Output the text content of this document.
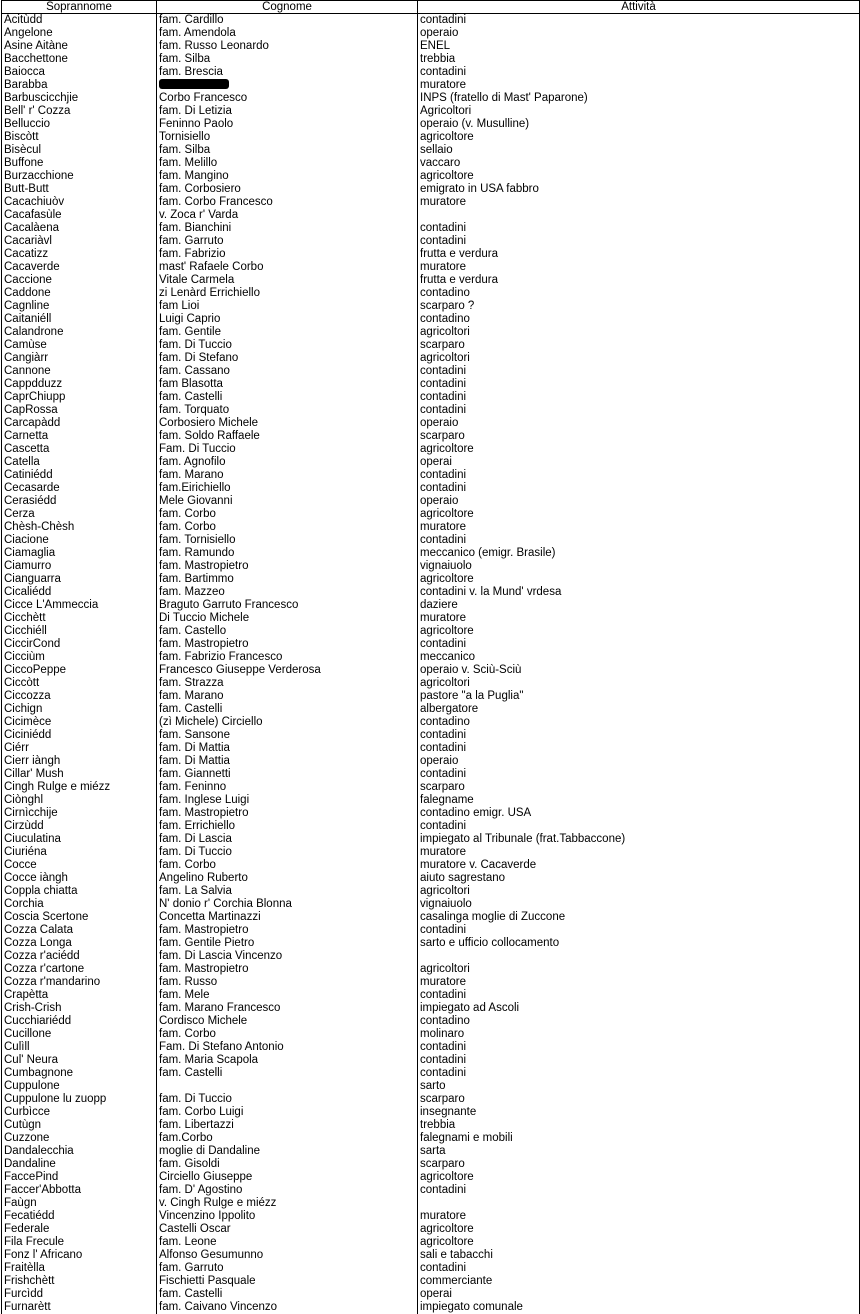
Soprannome	Cognome	Attività
Acitùdd	fam. Cardillo	contadini
Angelone	fam. Amendola	operaio
Asine Aitàne	fam. Russo Leonardo	ENEL
Bacchettone	fam. Silba	trebbia
Baiocca	fam. Brescia	contadini
Barabba		muratore
Barbuscicchjie	Corbo Francesco	INPS (fratello di Mast' Paparone)
Bell' r' Cozza	fam. Di Letizia	Agricoltori
Belluccio	Feninno Paolo	operaio (v. Musulline)
Biscòtt	Tornisiello	agricoltore
Bisècul	fam. Silba	sellaio
Buffone	fam. Melillo	vaccaro
Burzacchione	fam. Mangino	agricoltore
Butt-Butt	fam. Corbosiero	emigrato in USA fabbro
Cacachiuòv	fam. Corbo Francesco	muratore
Cacafasùle	v. Zoca r' Varda	
Cacalàena	fam. Bianchini	contadini
Cacariàvl	fam. Garruto	contadini
Cacatizz	fam. Fabrizio	frutta e verdura
Cacaverde	mast' Rafaele Corbo	muratore
Caccione	Vitale Carmela	frutta e verdura
Caddone	zi Lenàrd Errichiello	contadino
Cagnline	fam Lioi	scarparo ?
Caitaniéll	Luigi Caprio	contadino
Calandrone	fam. Gentile	agricoltori
Camùse	fam. Di Tuccio	scarparo
Cangiàrr	fam. Di Stefano	agricoltori
Cannone	fam. Cassano	contadini
Cappdduzz	fam Blasotta	contadini
CaprChiupp	fam. Castelli	contadini
CapRossa	fam. Torquato	contadini
Carcapàdd	Corbosiero Michele	operaio
Carnetta	fam. Soldo Raffaele	scarparo
Cascetta	Fam. Di Tuccio	agricoltore
Catella	fam. Agnofilo	operai
Catiniédd	fam. Marano	contadini
Cecasarde	fam.Eirichiello	contadini
Cerasiédd	Mele Giovanni	operaio
Cerza	fam. Corbo	agricoltore
Chèsh-Chèsh	fam. Corbo	muratore
Ciacione	fam. Tornisiello	contadini
Ciamaglia	fam. Ramundo	meccanico (emigr. Brasile)
Ciamurro	fam. Mastropietro	vignaiuolo
Cianguarra	fam. Bartimmo	agricoltore
Cicaliédd	fam. Mazzeo	contadini v. la Mund' vrdesa
Cicce L'Ammeccia	Braguto Garruto Francesco	daziere
Cicchètt	Di Tuccio Michele	muratore
Cicchiéll	fam. Castello	agricoltore
CiccirCond	fam. Mastropietro	contadini
Cicciùm	fam. Fabrizio Francesco	meccanico
CiccoPeppe	Francesco Giuseppe Verderosa	operaio v. Sciù-Sciù
Ciccòtt	fam. Strazza	agricoltori
Ciccozza	fam. Marano	pastore "a la Puglia"
Cichign	fam. Castelli	albergatore
Cicimèce	(zì Michele) Circiello	contadino
Ciciniédd	fam. Sansone	contadini
Ciérr	fam. Di Mattia	contadini
Cierr iàngh	fam. Di Mattia	operaio
Cillar' Mush	fam. Giannetti	contadini
Cingh Rulge e miézz	fam. Feninno	scarparo
Ciònghl	fam. Inglese Luigi	falegname
Cirnìcchije	fam. Mastropietro	contadino emigr. USA
Cirzùdd	fam. Errichiello	contadini
Ciuculatina	fam. Di Lascia	impiegato al Tribunale (frat.Tabbaccone)
Ciuriéna	fam. Di Tuccio	muratore
Cocce	fam. Corbo	muratore v. Cacaverde
Cocce iàngh	Angelino Ruberto	aiuto sagrestano
Coppla chiatta	fam. La Salvia	agricoltori
Corchia	N' donio r' Corchia Blonna	vignaiuolo
Coscia Scertone	Concetta Martinazzi	casalinga moglie di Zuccone
Cozza Calata	fam. Mastropietro	contadini
Cozza Longa	fam. Gentile Pietro	sarto e ufficio collocamento
Cozza r'aciédd	fam. Di Lascia Vincenzo	
Cozza r'cartone	fam. Mastropietro	agricoltori
Cozza r'mandarino	fam. Russo	muratore
Crapètta	fam. Mele	contadini
Crish-Crish	fam. Marano Francesco	impiegato ad Ascoli
Cucchiariédd	Cordisco Michele	contadino
Cucillone	fam. Corbo	molinaro
Culìll	Fam. Di Stefano Antonio	contadini
Cul' Neura	fam. Maria Scapola	contadini
Cumbagnone	fam. Castelli	contadini
Cuppulone		sarto
Cuppulone lu zuopp	fam. Di Tuccio	scarparo
Curbìcce	fam. Corbo Luigi	insegnante
Cutùgn	fam. Libertazzi	trebbia
Cuzzone	fam.Corbo	falegnami e mobili
Dandalecchia	moglie di Dandaline	sarta
Dandaline	fam. Gisoldi	scarparo
FaccePind	Circiello Giuseppe	agricoltore
Faccer'Abbotta	fam. D' Agostino	contadini
Faùgn	v. Cingh Rulge e miézz	
Fecatiédd	Vincenzino Ippolito	muratore
Federale	Castelli Oscar	agricoltore
Fila Frecule	fam. Leone	agricoltore
Fonz l' Africano	Alfonso Gesumunno	sali e tabacchi
Fraitèlla	fam. Garruto	contadini
Frishchètt	Fischietti Pasquale	commerciante
Furcìdd	fam. Castelli	operai
Furnarètt	fam. Caivano Vincenzo	impiegato comunale
